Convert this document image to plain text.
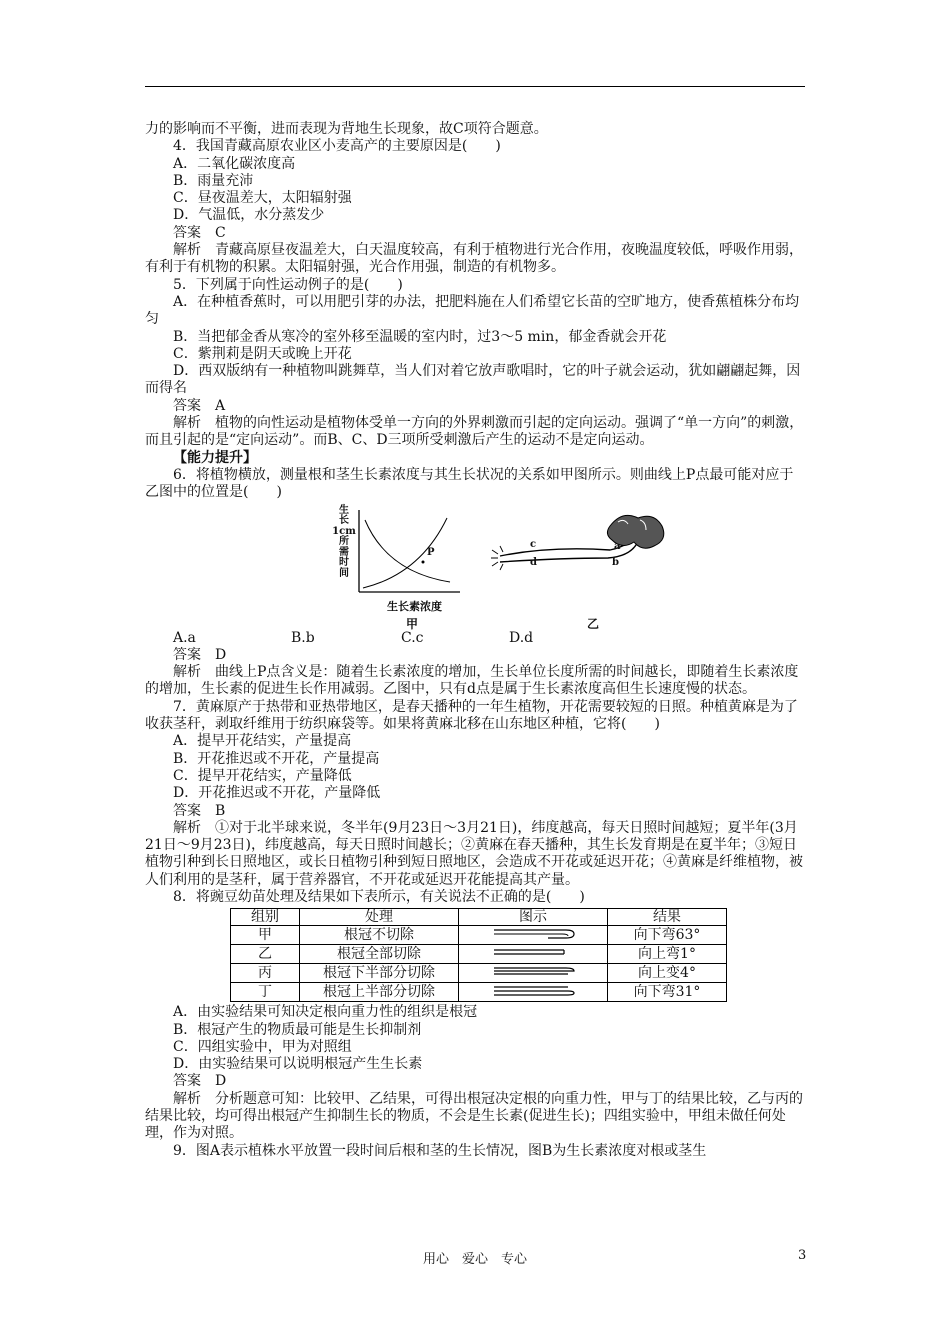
力的影响而不平衡，进而表现为背地生长现象，故C项符合题意。

4．我国青藏高原农业区小麦高产的主要原因是(　　)

A．二氧化碳浓度高

B．雨量充沛

C．昼夜温差大，太阳辐射强

D．气温低，水分蒸发少

答案　C

解析　青藏高原昼夜温差大，白天温度较高，有利于植物进行光合作用，夜晚温度较低，呼吸作用弱，有利于有机物的积累。太阳辐射强，光合作用强，制造的有机物多。

5．下列属于向性运动例子的是(　　)

A．在种植香蕉时，可以用肥引芽的办法，把肥料施在人们希望它长苗的空旷地方，使香蕉植株分布均匀

B．当把郁金香从寒冷的室外移至温暖的室内时，过3～5 min，郁金香就会开花

C．紫荆莉是阴天或晚上开花

D．西双版纳有一种植物叫跳舞草，当人们对着它放声歌唱时，它的叶子就会运动，犹如翩翩起舞，因而得名

答案　A

解析　植物的向性运动是植物体受单一方向的外界刺激而引起的定向运动。强调了“单一方向”的刺激，而且引起的是“定向运动”。而B、C、D三项所受刺激后产生的运动不是定向运动。

【能力提升】

6．将植物横放，测量根和茎生长素浓度与其生长状况的关系如甲图所示。则曲线上P点最可能对应于乙图中的位置是(　　)

生
长
1cm
所
需
时
间
P
生长素浓度
甲
a
b
c
d
乙
A.a	B.b	C.c	D.d

答案　D

解析　曲线上P点含义是：随着生长素浓度的增加，生长单位长度所需的时间越长，即随着生长素浓度的增加，生长素的促进生长作用减弱。乙图中，只有d点是属于生长素浓度高但生长速度慢的状态。

7．黄麻原产于热带和亚热带地区，是春天播种的一年生植物，开花需要较短的日照。种植黄麻是为了收获茎秆，剥取纤维用于纺织麻袋等。如果将黄麻北移在山东地区种植，它将(　　)

A．提早开花结实，产量提高

B．开花推迟或不开花，产量提高

C．提早开花结实，产量降低

D．开花推迟或不开花，产量降低

答案　B

解析　①对于北半球来说，冬半年(9月23日～3月21日)，纬度越高，每天日照时间越短；夏半年(3月21日～9月23日)，纬度越高，每天日照时间越长；②黄麻在春天播种，其生长发育期是在夏半年；③短日植物引种到长日照地区，或长日植物引种到短日照地区，会造成不开花或延迟开花；④黄麻是纤维植物，被人们利用的是茎秆，属于营养器官，不开花或延迟开花能提高其产量。

8．将豌豆幼苗处理及结果如下表所示，有关说法不正确的是(　　)

组别	处理	图示	结果
甲	根冠不切除		向下弯63°
乙	根冠全部切除		向上弯1°
丙	根冠下半部分切除		向上变4°
丁	根冠上半部分切除		向下弯31°

A．由实验结果可知决定根向重力性的组织是根冠

B．根冠产生的物质最可能是生长抑制剂

C．四组实验中，甲为对照组

D．由实验结果可以说明根冠产生生长素

答案　D

解析　分析题意可知：比较甲、乙结果，可得出根冠决定根的向重力性，甲与丁的结果比较，乙与丙的结果比较，均可得出根冠产生抑制生长的物质，不会是生长素(促进生长)；四组实验中，甲组未做任何处理，作为对照。

9．图A表示植株水平放置一段时间后根和茎的生长情况，图B为生长素浓度对根或茎生

用心　爱心　专心	3
